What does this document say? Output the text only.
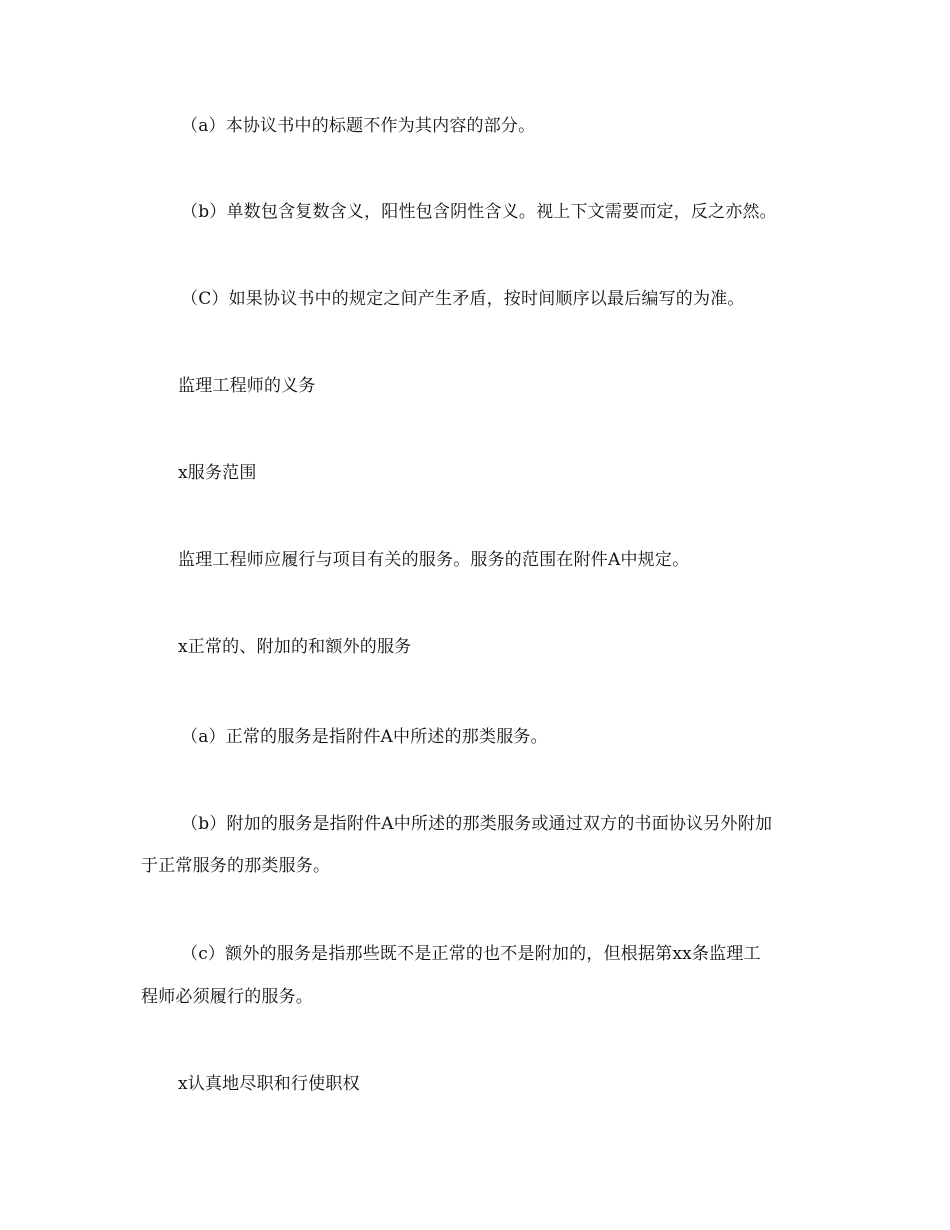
（a）本协议书中的标题不作为其内容的部分。
（b）单数包含复数含义，阳性包含阴性含义。视上下文需要而定，反之亦然。
（C）如果协议书中的规定之间产生矛盾，按时间顺序以最后编写的为准。
监理工程师的义务
x服务范围
监理工程师应履行与项目有关的服务。服务的范围在附件A中规定。
x正常的、附加的和额外的服务
（a）正常的服务是指附件A中所述的那类服务。
（b）附加的服务是指附件A中所述的那类服务或通过双方的书面协议另外附加
于正常服务的那类服务。
（c）额外的服务是指那些既不是正常的也不是附加的，但根据第xx条监理工
程师必须履行的服务。
x认真地尽职和行使职权
